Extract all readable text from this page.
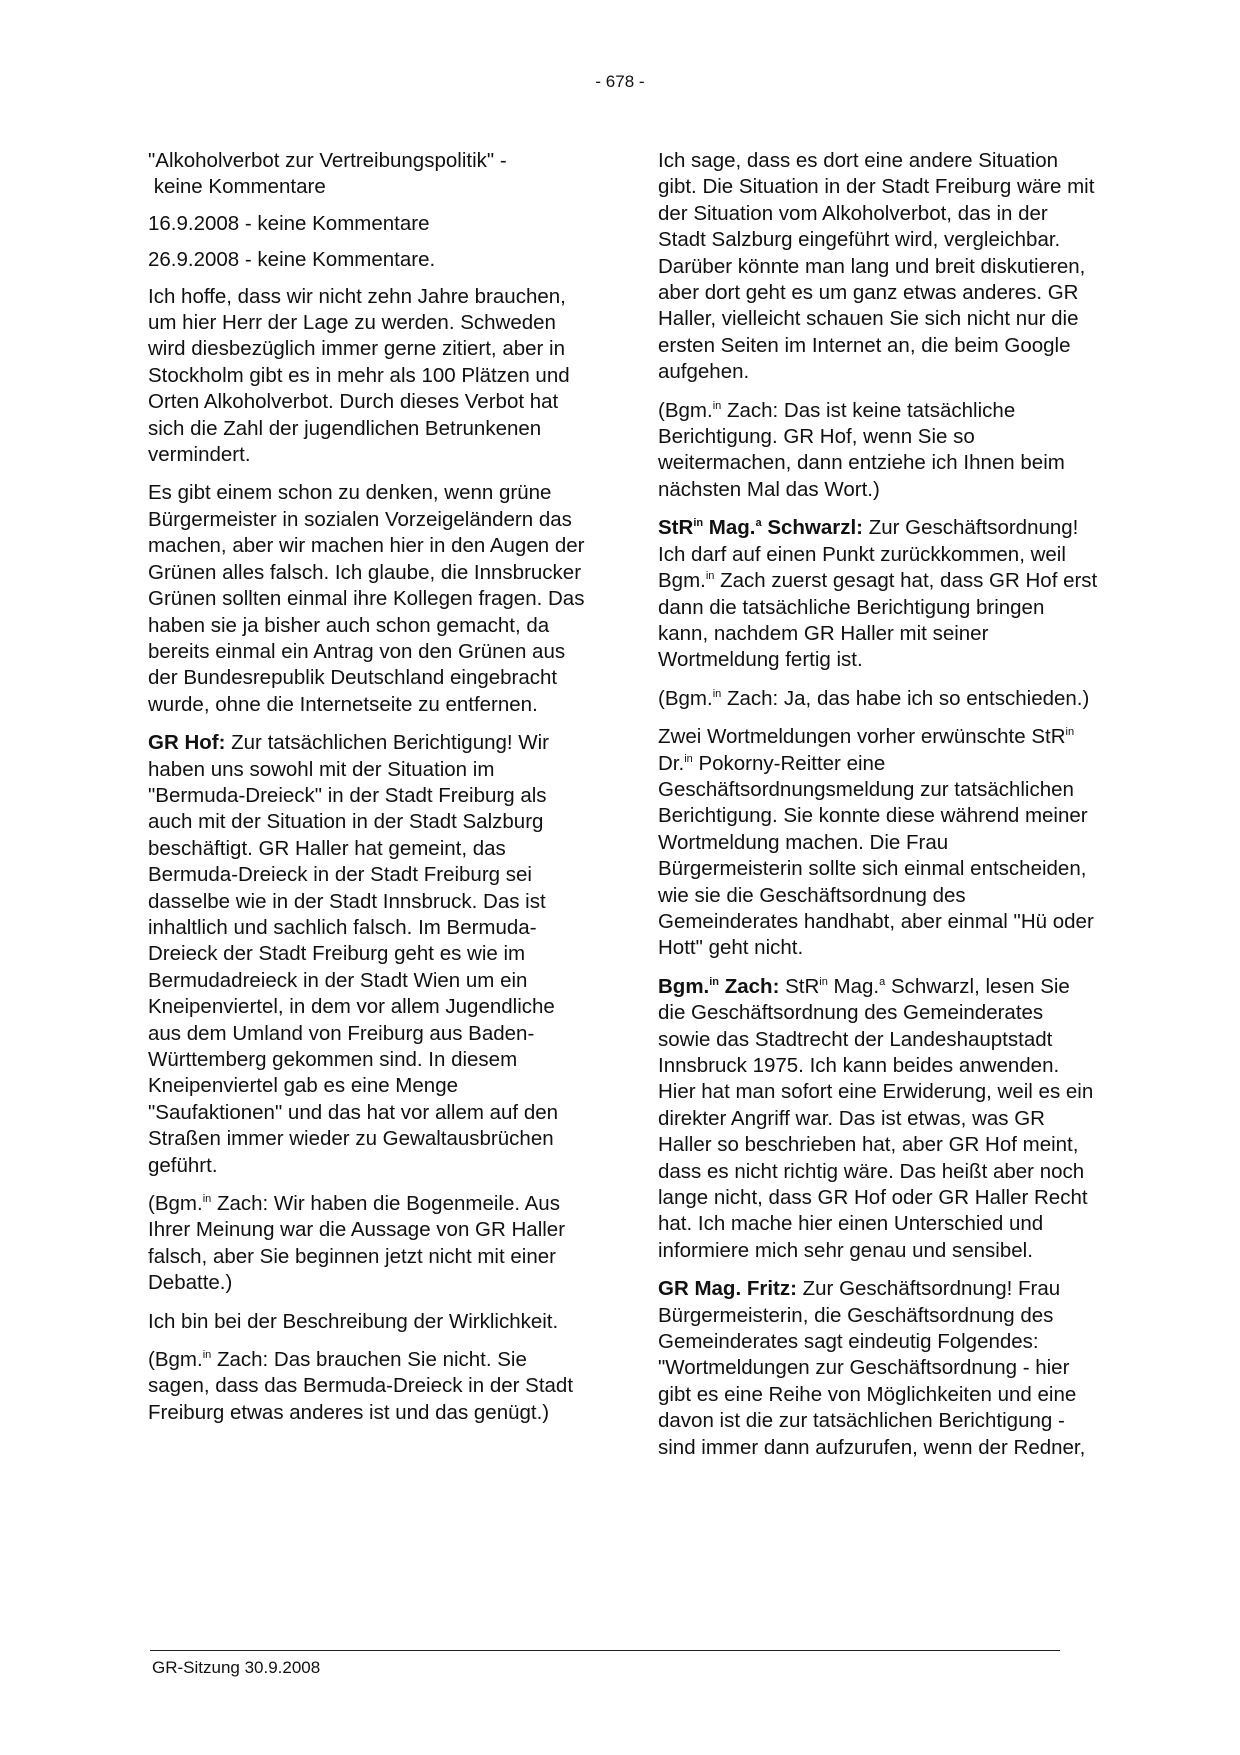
- 678 -

"Alkoholverbot zur Vertreibungspolitik" -
keine Kommentare

16.9.2008 - keine Kommentare

26.9.2008 - keine Kommentare.

Ich hoffe, dass wir nicht zehn Jahre brauchen, um hier Herr der Lage zu werden. Schweden wird diesbezüglich immer gerne zitiert, aber in Stockholm gibt es in mehr als 100 Plätzen und Orten Alkoholverbot. Durch dieses Verbot hat sich die Zahl der jugendlichen Betrunkenen vermindert.

Es gibt einem schon zu denken, wenn grüne Bürgermeister in sozialen Vorzeigeländern das machen, aber wir machen hier in den Augen der Grünen alles falsch. Ich glaube, die Innsbrucker Grünen sollten einmal ihre Kollegen fragen. Das haben sie ja bisher auch schon gemacht, da bereits einmal ein Antrag von den Grünen aus der Bundesrepublik Deutschland eingebracht wurde, ohne die Internetseite zu entfernen.

GR Hof: Zur tatsächlichen Berichtigung! Wir haben uns sowohl mit der Situation im "Bermuda-Dreieck" in der Stadt Freiburg als auch mit der Situation in der Stadt Salzburg beschäftigt. GR Haller hat gemeint, das Bermuda-Dreieck in der Stadt Freiburg sei dasselbe wie in der Stadt Innsbruck. Das ist inhaltlich und sachlich falsch. Im Bermuda-Dreieck der Stadt Freiburg geht es wie im Bermudadreieck in der Stadt Wien um ein Kneipenviertel, in dem vor allem Jugendliche aus dem Umland von Freiburg aus Baden-Württemberg gekommen sind. In diesem Kneipenviertel gab es eine Menge "Saufaktionen" und das hat vor allem auf den Straßen immer wieder zu Gewaltausbrüchen geführt.

(Bgm.$^{in}$ Zach: Wir haben die Bogenmeile. Aus Ihrer Meinung war die Aussage von GR Haller falsch, aber Sie beginnen jetzt nicht mit einer Debatte.)

Ich bin bei der Beschreibung der Wirklichkeit.

(Bgm.$^{in}$ Zach: Das brauchen Sie nicht. Sie sagen, dass das Bermuda-Dreieck in der Stadt Freiburg etwas anderes ist und das genügt.)

Ich sage, dass es dort eine andere Situation gibt. Die Situation in der Stadt Freiburg wäre mit der Situation vom Alkoholverbot, das in der Stadt Salzburg eingeführt wird, vergleichbar. Darüber könnte man lang und breit diskutieren, aber dort geht es um ganz etwas anderes. GR Haller, vielleicht schauen Sie sich nicht nur die ersten Seiten im Internet an, die beim Google aufgehen.

(Bgm.$^{in}$ Zach: Das ist keine tatsächliche Berichtigung. GR Hof, wenn Sie so weitermachen, dann entziehe ich Ihnen beim nächsten Mal das Wort.)

StR$^{in}$ Mag.$^a$ Schwarzl: Zur Geschäftsordnung! Ich darf auf einen Punkt zurückkommen, weil Bgm.$^{in}$ Zach zuerst gesagt hat, dass GR Hof erst dann die tatsächliche Berichtigung bringen kann, nachdem GR Haller mit seiner Wortmeldung fertig ist.

(Bgm.$^{in}$ Zach: Ja, das habe ich so entschieden.)

Zwei Wortmeldungen vorher erwünschte StR$^{in}$ Dr.$^{in}$ Pokorny-Reitter eine Geschäftsordnungsmeldung zur tatsächlichen Berichtigung. Sie konnte diese während meiner Wortmeldung machen. Die Frau Bürgermeisterin sollte sich einmal entscheiden, wie sie die Geschäftsordnung des Gemeinderates handhabt, aber einmal "Hü oder Hott" geht nicht.

Bgm.$^{in}$ Zach: StR$^{in}$ Mag.$^a$ Schwarzl, lesen Sie die Geschäftsordnung des Gemeinderates sowie das Stadtrecht der Landeshauptstadt Innsbruck 1975. Ich kann beides anwenden. Hier hat man sofort eine Erwiderung, weil es ein direkter Angriff war. Das ist etwas, was GR Haller so beschrieben hat, aber GR Hof meint, dass es nicht richtig wäre. Das heißt aber noch lange nicht, dass GR Hof oder GR Haller Recht hat. Ich mache hier einen Unterschied und informiere mich sehr genau und sensibel.

GR Mag. Fritz: Zur Geschäftsordnung! Frau Bürgermeisterin, die Geschäftsordnung des Gemeinderates sagt eindeutig Folgendes: "Wortmeldungen zur Geschäftsordnung - hier gibt es eine Reihe von Möglichkeiten und eine davon ist die zur tatsächlichen Berichtigung - sind immer dann aufzurufen, wenn der Redner,

GR-Sitzung 30.9.2008
